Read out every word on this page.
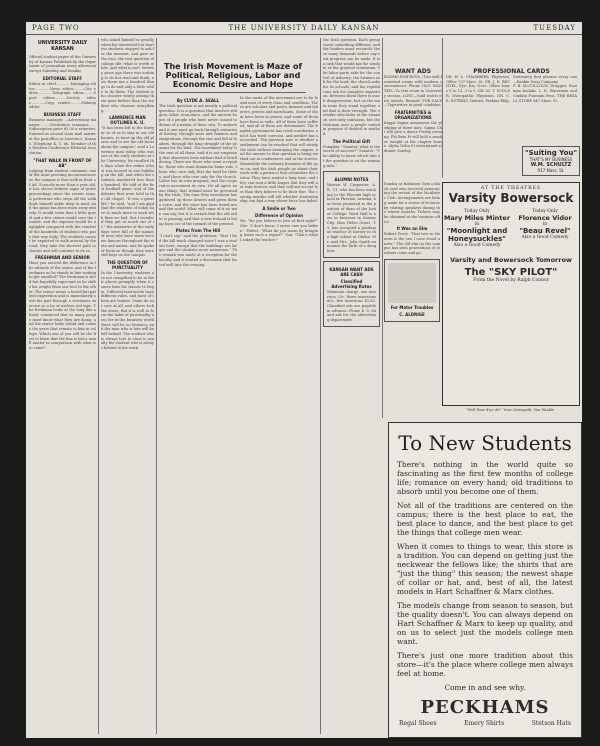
PAGE TWO	THE UNIVERSITY DAILY KANSAN	TUESDAY
UNIVERSITY DAILY KANSAN
Official student paper of the University of Kansas Published by the department of journalism every afternoon except Saturday and Sunday
EDITORIAL STAFF
Editor in chief.............Managing editor..............News editor..........City editor.............Telegraph editor.........Sport editor...........Society editor.............Copy reader..........Makeup editor
BUSINESS STAFF
Business manager.....Advertising manager.........Circulation manager.......Subscription price $2.50 a semester. Entered as second class mail matter at the postoffice at Lawrence, Kansas. Telephone K. U. 66. Member of the Western Conference Editorial Association.
"THAT WALK IN FRONT OF AB"
Judging from student comment, one of the most pressing inconveniences on the campus is that walk in front of Ad. Scarcely more than a year old, it has shown definite signs of grave proceedings since the recent rains. A pedestrian who steps off the walk finds himself ankle deep in mud, and the grass has been worn away entirely. It would seem that a little gravel and a few stones would cure the trouble, and the expense would be negligible compared with the comfort of the hundreds of students who pass that way daily. The students cannot be expected to walk around by the road; they take the shortest path to classes and will continue to do so.
FRESHMAN AND SENIOR
Have you noticed the difference in the attitude of the senior, and of the freshman as he stands in line waiting to get enrolled? The freshman is tired but hopefully expectant as he shifts his weight from one foot to the other. The senior wears a bored-but-patient expression and is immediately seen his part through a strenuous exercise as a lot of useless red tape. The freshman looks at the long line ahead, convinced that so many people must know what they are doing, and the senior looks ahead and counts the years that remain to him in college. Which one of you will be the first to learn that the line is but a small matter in comparison with what is to come?
who asked himself so greatly when his interested but fearless students stopped to ask for the moment, and gave us the true, the real question of college life: what is worth while, and what is not? Seventy years ago there was nothing to do but read and think; now there are a hundred things to do and only a little while to do them. The student who chooses wisely among them goes farther than the student who chooses everything.
LAWRENCE MAN OUTLINES K. U.
"It has been left to the thirty or so of us to stay in our old haunts, to hunt up the old places and to see the old faces about the campus," said a Lawrence man today, who was one of the early students at the University. He recalled the days when the entire school was housed in one building on the hill, and when the students numbered less than a hundred. He told of the first football game, and of the debates that were held in the old chapel. "It was a great life," he said, "and I am glad that the students of today have so much more to work with than we had. But I wonder if they get as much out of it." His memories of the early days were full of the names of men who have since become famous throughout the state and nation, and he spoke of them as though they were still boys on the campus.
THE QUESTION OF PUNCTUALITY
In the University, students are not compelled to be in their places promptly when it comes time for classes to begin. Different instructors have different rules, and most of them are lenient. Some do not care at all, and others lock the doors. But it is well to form the habit of punctuality now, for in the business world there will be no leniency, and the man who is late will be left behind. The student who is always late to class is usually the student who is always behind in his work.
By CLYDE A. SEALL
The Irish question is not merely a political question. It is a question that involves religion, labor, economics, and the ancient hopes of a people who have never ceased to dream of a nation of their own. To understand it one must go back through centuries of history, through wars and famines and emigrations, through the rise and fall of leaders, through the long struggle of the peasant for his land. The movement today is the sum of all these, and it is not surprising that observers from without find it bewildering. There are those who want a republic, those who want dominion home rule, those who care only that the land be theirs, and those who care only for the church. Labor has its own program, and the cooperative movement its own. Yet all agree on one thing: that Ireland must be governed by the Irish. The Sinn Fein movement has gathered up these desires and given them a voice, and the voice has been heard around the world. What will come of it no man can say, but it is certain that the old order is passing, and that a new Ireland is being born out of the turmoil of the present.
Plates from The Hill
"I can't say," said the professor, "that I find the hill much changed since I was a student here, except that the buildings are larger and the students more numerous." The remark was made at a reception for the faculty, and it started a discussion that lasted well into the evening.
In the ranks of the movement are to be found men of every class and condition. There are scholars and poets, farmers and laborers, priests and merchants. Some of them have been in prison, and some of them have been in exile. All of them have suffered, and all of them are determined. The English government has tried conciliation and it has tried coercion, and neither has succeeded. The question now is whether a settlement can be reached that will satisfy the Irish without destroying the empire, and the answer to that question is being worked out in conferences and in the streets. Meanwhile the ordinary business of life goes on, and the Irish people go about their work with a patience that astonishes the visitor. They have waited a long time, and they can wait a little longer. But they will not wait forever, and they will not accept less than they believe to be their due. The coming months will tell whether statesmanship can find a way where force has failed.
A Smile or Two
Difference of Opinion
He: "Do you believe in love at first sight?" She: "I don't know; I never saw you before." Father: "What do you mean by bringing home such a report?" Son: "That's what I asked the teacher."
The Irish Movement is Maze of Political, Religious, Labor and Economic Desire and Hope
the Irish question. Each group wants something different, and the leaders must reconcile these many demands before any real progress can be made. It is a task that would tax the wisdom of the greatest statesman. The labor party asks for the control of industry; the farmers ask for the land; the church asks for its schools; and the republicans ask for complete separation. Between them there is much disagreement, but on the main issue they stand together, and that is their strength. The outsider who looks at the situation sees only confusion, but the Irishman sees a people united in purpose if divided in method.
The Political Gift
Pumpkin: "Senator, what is the secret of success?" Senator: "The ability to know which side of the question is on the winning side."
ALUMNI NOTES
Warren W. Carpenter, A. B. '11, who has been teaching in the Phoenix high school in Phoenix, Arizona, has been promoted to the position of dean of the Junior College. Ward Hall is now in business in Kansas City. Miss Helen Grant, '19, has accepted a position as teacher of history in the high school at Olathe. Mr. and Mrs. John Smith announce the birth of a daughter.
KANSAN WANT ADS ARE CASH
Classified Advertising Rates
Minimum charge, one insertion 25c, three insertions 60c, five insertions $1.00. Classified ads are payable in advance. Phone K. U. 66 and ask for the advertising department.
WANT ADS
ROOMS FOR BOYS—Two well furnished rooms with modern conveniences. Phone 1829. WANTED—To rent room in University section. LOST—Gold watch with initials. Reward. FOR SALE—Typewriter in good condition.
FRATERNITIES & ORGANIZATIONS
Kappa Sigma announces the pledging of three men. Sigma Chi will give a dance Friday evening. Phi Beta Pi will hold a smoker tonight at the chapter house. Alpha Delta Pi entertained at dinner Sunday.
Sunday at Robinson Gym a black card was received announcing the recital of the McAlister Club. Arrangements are being made for a series of lectures by visiting speakers during the winter months. Tickets may be obtained at the business office.
It Was an Elm
Robert Frost: "That tree in Heaven is the one I once stood under." The old elm on the campus has seen generations of students come and go.
For Motor Troubles
C. ALDRIGE
PROFESSIONAL CARDS
DR. H. L. CHAMBERS, Physician. Office 737 Mass. St. DR. J. R. BECHTEL, Eye, Ear, Nose. Office hours 9 to 12, 2 to 5. DR. M. T. SUDLER, Osteopathic Physician. DR. C. E. ESTERLY, Dentist, Perkins Bldg.
Stationery that pleases every one—Rankin Drug Company
F. B. McCOLLOCH, Druggist. Eastman Kodaks. L. E. Waterman and Conklin Fountain Pens. THE REXALL STORE 847 Mass. St.
"Suiting You"
THAT'S MY BUSINESS
W.M. SCHULTZ
917 Mass. St.
AT THE THEATRES
Varsity Bowersock
Today Only
Mary Miles Minter
in
"Moonlight and Honeysuckles"
Also a Good Comedy
Today Only
Florence Vidor
in
"Beau Revel"
Also a Good Comedy
Varsity and Bowersock Tomorrow
The "SKY PILOT"
From the Novel by Ralph Connor
"Well How d'ye do!" Your Osteopath, Van Winkle
To New Students

There's nothing in the world quite so fascinating as the first few months of college life; romance on every hand; old traditions to absorb until you become one of them.

Not all of the traditions are centered on the campus; there is the best place to eat, the best place to dance, and the best place to get the things that college men wear.

When it comes to things to wear, this store is a tradition. You can depend on getting just the neckwear the fellows like; the shirts that are "just the thing" this season; the newest shape of collar or hat, and, best of all, the latest models in Hart Schaffner & Marx clothes.

The models change from season to season, but the quality doesn't. You can always depend on Hart Schaffner & Marx to keep up quality, and on us to select just the models college men want.

There's just one more tradition about this store—it's the place where college men always feel at home.

Come in and see why.

PECKHAMS
Regal Shoes	Emery Shirts	Stetson Hats
